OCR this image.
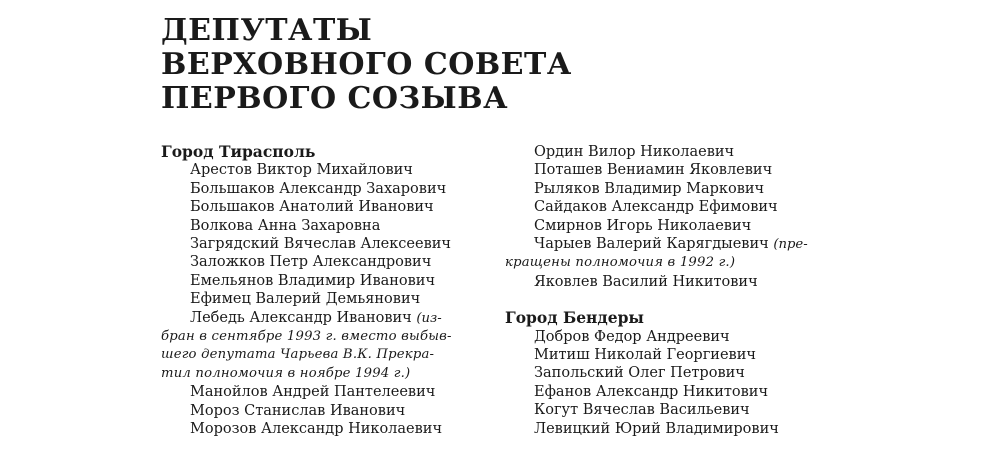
ДЕПУТАТЫ
ВЕРХОВНОГО СОВЕТА
ПЕРВОГО СОЗЫВА
Город Тирасполь
Арестов Виктор Михайлович
Большаков Александр Захарович
Большаков Анатолий Иванович
Волкова Анна Захаровна
Загрядский Вячеслав Алексеевич
Заложков Петр Александрович
Емельянов Владимир Иванович
Ефимец Валерий Демьянович
Лебедь Александр Иванович (из-
бран в сентябре 1993 г. вместо выбыв-
шего депутата Чарьева В.К. Прекра-
тил полномочия в ноябре 1994 г.)
Манойлов Андрей Пантелеевич
Мороз Станислав Иванович
Морозов Александр Николаевич
Ордин Вилор Николаевич
Поташев Вениамин Яковлевич
Рыляков Владимир Маркович
Сайдаков Александр Ефимович
Смирнов Игорь Николаевич
Чарыев Валерий Карягдыевич (пре-
кращены полномочия в 1992 г.)
Яковлев Василий Никитович
Город Бендеры
Добров Федор Андреевич
Митиш Николай Георгиевич
Запольский Олег Петрович
Ефанов Александр Никитович
Когут Вячеслав Васильевич
Левицкий Юрий Владимирович
